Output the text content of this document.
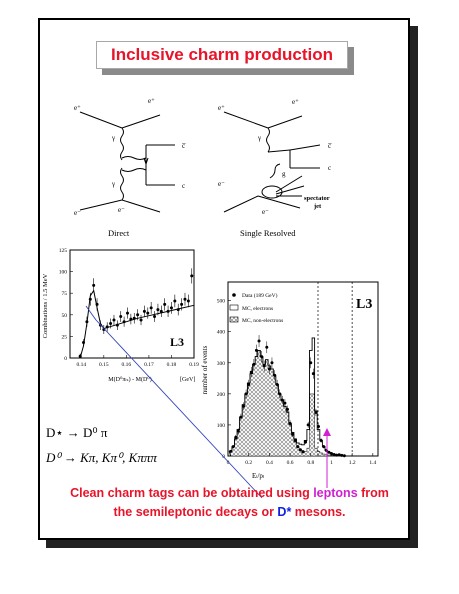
Inclusive charm production
e⁺
e⁺
γ
γ
c̅
c
e⁻	e⁻
Direct
e⁺
e⁺
γ
c̅
c
g
e⁻
e⁻
spectator
jet
Single Resolved
0
25
50
75
100
125
0.14 0.15 0.16 0.17 0.18 0.19
L3
Combinations / 1.5 MeV
M(D⁰πₗₛ) - M(D⁰)	[GeV]
100
200
300
400
500
0	0.2	0.4	0.6	0.8	1	1.2	1.4
Data (189 GeV)
MC, electrons
MC, non-electrons
L3
number of events
Eₗ/pₗ
D⋆ → D⁰ π
D⁰ → Kπ, Kπ⁰, Kπππ
Clean charm tags can be obtained using leptons from
the semileptonic decays or D* mesons.
